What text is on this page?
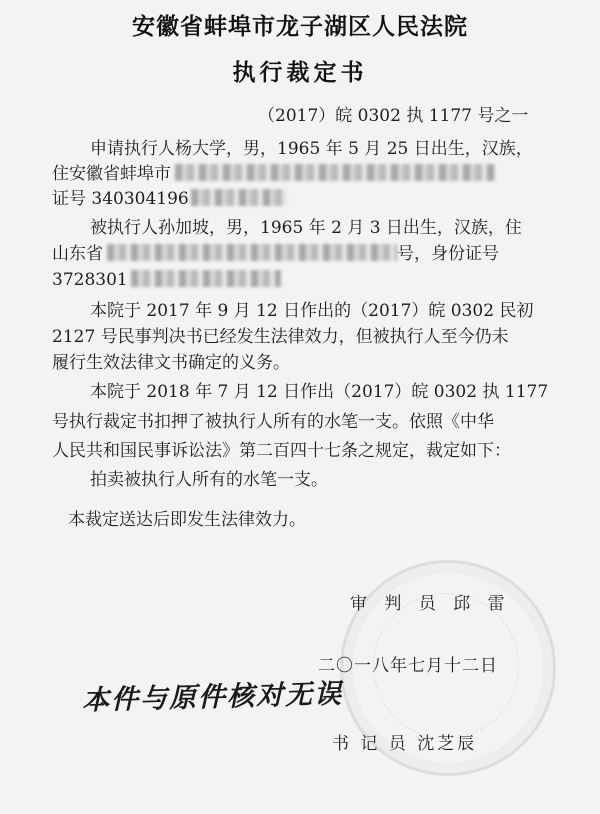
安徽省蚌埠市龙子湖区人民法院
执行裁定书
（2017）皖 0302 执 1177 号之一
申请执行人杨大学，男，1965 年 5 月 25 日出生，汉族，
住安徽省蚌埠市
证号 340304196
被执行人孙加坡，男，1965 年 2 月 3 日出生，汉族，住
山东省	号，身份证号
3728301
本院于 2017 年 9 月 12 日作出的（2017）皖 0302 民初
2127 号民事判决书已经发生法律效力，但被执行人至今仍未
履行生效法律文书确定的义务。
本院于 2018 年 7 月 12 日作出（2017）皖 0302 执 1177
号执行裁定书扣押了被执行人所有的水笔一支。依照《中华
人民共和国民事诉讼法》第二百四十七条之规定，裁定如下：
拍卖被执行人所有的水笔一支。
本裁定送达后即发生法律效力。
审 判 员 邱 雷
二〇一八年七月十二日
本件与原件核对无误
书 记 员 沈芝辰
